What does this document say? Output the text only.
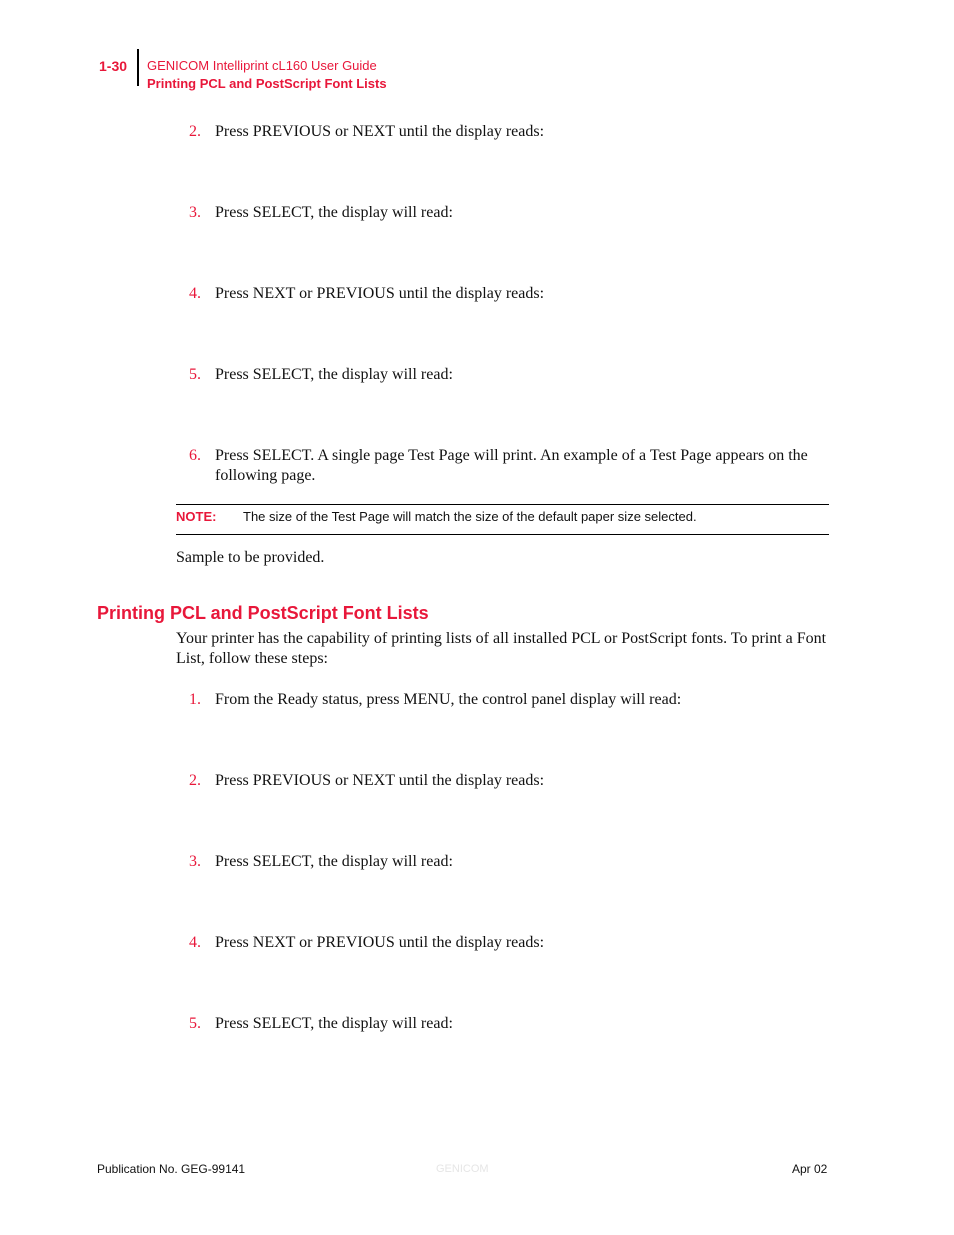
1-30 GENICOM Intelliprint cL160 User Guide
Printing PCL and PostScript Font Lists
2. Press PREVIOUS or NEXT until the display reads:
3. Press SELECT, the display will read:
4. Press NEXT or PREVIOUS until the display reads:
5. Press SELECT, the display will read:
6. Press SELECT. A single page Test Page will print. An example of a Test Page appears on the following page.
NOTE: The size of the Test Page will match the size of the default paper size selected.
Sample to be provided.
Printing PCL and PostScript Font Lists
Your printer has the capability of printing lists of all installed PCL or PostScript fonts. To print a Font List, follow these steps:
1. From the Ready status, press MENU, the control panel display will read:
2. Press PREVIOUS or NEXT until the display reads:
3. Press SELECT, the display will read:
4. Press NEXT or PREVIOUS until the display reads:
5. Press SELECT, the display will read:
Publication No. GEG-99141	GENICOM	Apr 02
